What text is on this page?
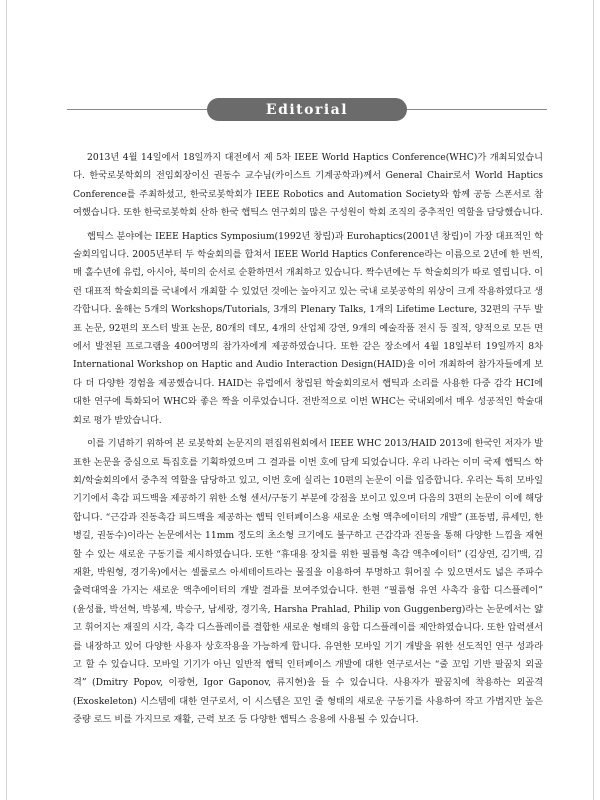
Editorial

2013년 4월 14일에서 18일까지 대전에서 제 5차 IEEE World Haptics Conference(WHC)가 개최되었습니다. 한국로봇학회의 전임회장이신 권동수 교수님(카이스트 기계공학과)께서 General Chair로서 World Haptics Conference를 주최하셨고, 한국로봇학회가 IEEE Robotics and Automation Society와 함께 공동 스폰서로 참여했습니다. 또한 한국로봇학회 산하 한국 햅틱스 연구회의 많은 구성원이 학회 조직의 중추적인 역할을 담당했습니다.

햅틱스 분야에는 IEEE Haptics Symposium(1992년 창립)과 Eurohaptics(2001년 창립)이 가장 대표적인 학술회의입니다. 2005년부터 두 학술회의를 합쳐서 IEEE World Haptics Conference라는 이름으로 2년에 한 번씩, 매 홀수년에 유럽, 아시아, 북미의 순서로 순환하면서 개최하고 있습니다. 짝수년에는 두 학술회의가 따로 열립니다. 이런 대표적 학술회의를 국내에서 개최할 수 있었던 것에는 높아지고 있는 국내 로봇공학의 위상이 크게 작용하였다고 생각합니다. 올해는 5개의 Workshops/Tutorials, 3개의 Plenary Talks, 1개의 Lifetime Lecture, 32편의 구두 발표 논문, 92편의 포스터 발표 논문, 80개의 데모, 4개의 산업체 강연, 9개의 예술작품 전시 등 질적, 양적으로 모든 면에서 발전된 프로그램을 400여명의 참가자에게 제공하였습니다. 또한 같은 장소에서 4월 18일부터 19일까지 8차 International Workshop on Haptic and Audio Interaction Design(HAID)을 이어 개최하여 참가자들에게 보다 더 다양한 경험을 제공했습니다. HAID는 유럽에서 창립된 학술회의로서 햅틱과 소리를 사용한 다중 감각 HCI에 대한 연구에 특화되어 WHC와 좋은 짝을 이루었습니다. 전반적으로 이번 WHC는 국내외에서 매우 성공적인 학술대회로 평가 받았습니다.

이를 기념하기 위하여 본 로봇학회 논문지의 편집위원회에서 IEEE WHC 2013/HAID 2013에 한국인 저자가 발표한 논문을 중심으로 특집호를 기획하였으며 그 결과를 이번 호에 담게 되었습니다. 우리 나라는 이미 국제 햅틱스 학회/학술회의에서 중추적 역할을 담당하고 있고, 이번 호에 실리는 10편의 논문이 이를 입증합니다. 우리는 특히 모바일 기기에서 촉감 피드백을 제공하기 위한 소형 센서/구동기 부분에 강점을 보이고 있으며 다음의 3편의 논문이 이에 해당합니다. “근감과 진동촉감 피드백을 제공하는 햅틱 인터페이스용 새로운 소형 액추에이터의 개발” (표동범, 류세민, 한병길, 권동수)이라는 논문에서는 11mm 정도의 초소형 크기에도 불구하고 근감각과 진동을 통해 다양한 느낌을 재현할 수 있는 새로운 구동기를 제시하였습니다. 또한 “휴대용 장치를 위한 필름형 촉감 액추에이터” (김상연, 김기백, 김재환, 박원형, 경기욱)에서는 셀룰로스 아세테이트라는 물질을 이용하여 투명하고 휘어질 수 있으면서도 넓은 주파수 출력대역을 가지는 새로운 액추에이터의 개발 결과를 보여주었습니다. 한편 “필름형 유연 사촉각 융합 디스플레이” (윤성률, 박선혁, 박봉제, 박승구, 남세광, 경기욱, Harsha Prahlad, Philip von Guggenberg)라는 논문에서는 얇고 휘어지는 재질의 시각, 촉각 디스플레이를 결합한 새로운 형태의 융합 디스플레이를 제안하였습니다. 또한 압력센서를 내장하고 있어 다양한 사용자 상호작용을 가능하게 합니다. 유연한 모바일 기기 개발을 위한 선도적인 연구 성과라고 할 수 있습니다. 모바일 기기가 아닌 일반적 햅틱 인터페이스 개발에 대한 연구로서는 “줄 꼬임 기반 팔꿈치 외골격” (Dmitry Popov, 이광현, Igor Gaponov, 류지현)을 들 수 있습니다. 사용자가 팔꿈치에 착용하는 외골격(Exoskeleton) 시스템에 대한 연구로서, 이 시스템은 꼬인 줄 형태의 새로운 구동기를 사용하여 작고 가볍지만 높은 중량 로드 비를 가지므로 재활, 근력 보조 등 다양한 햅틱스 응용에 사용될 수 있습니다.
